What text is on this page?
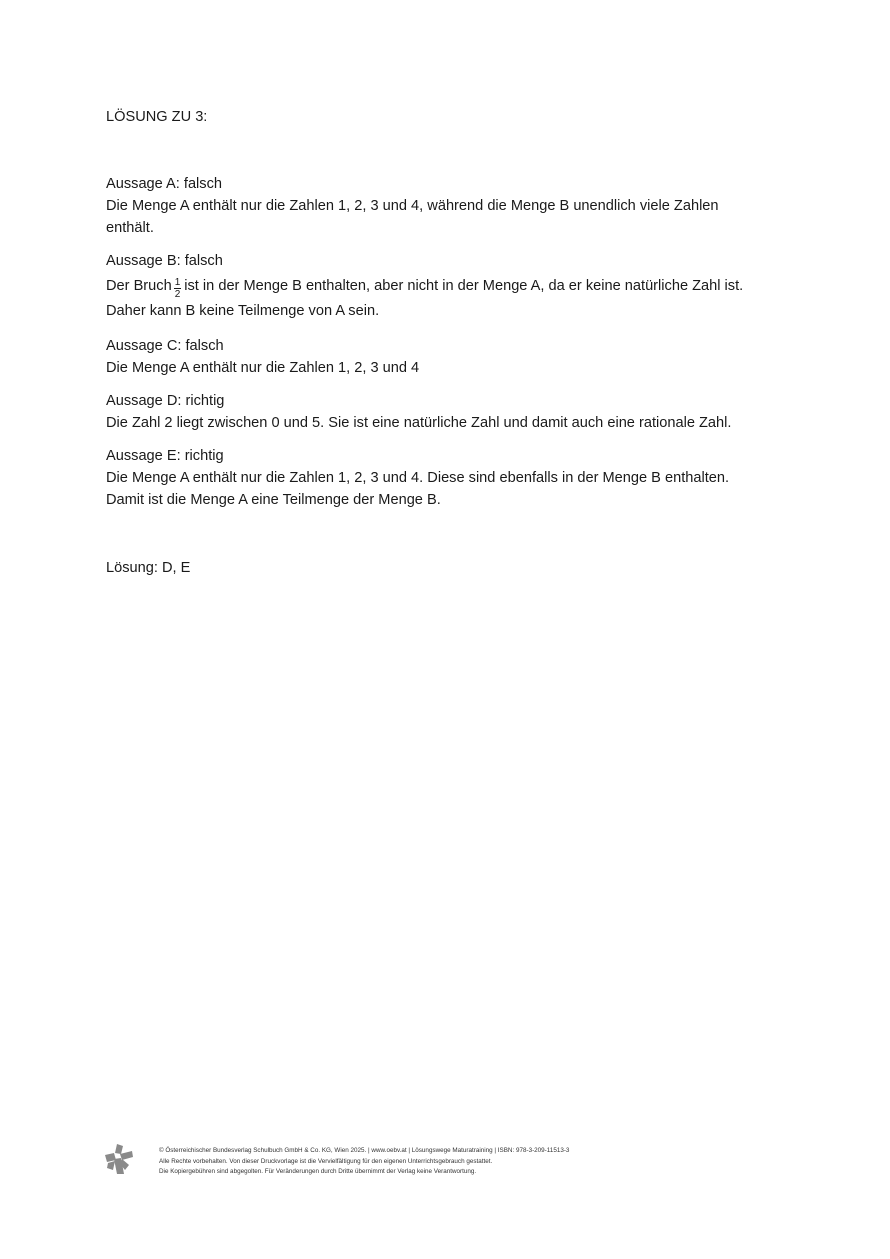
LÖSUNG ZU 3:

Aussage A: falsch

Die Menge A enthält nur die Zahlen 1, 2, 3 und 4, während die Menge B unendlich viele Zahlen

enthält.

Aussage B: falsch

Der Bruch $\frac{1}{2}$ ist in der Menge B enthalten, aber nicht in der Menge A, da er keine natürliche Zahl ist.

Daher kann B keine Teilmenge von A sein.

Aussage C: falsch

Die Menge A enthält nur die Zahlen 1, 2, 3 und 4

Aussage D: richtig

Die Zahl 2 liegt zwischen 0 und 5. Sie ist eine natürliche Zahl und damit auch eine rationale Zahl.

Aussage E: richtig

Die Menge A enthält nur die Zahlen 1, 2, 3 und 4. Diese sind ebenfalls in der Menge B enthalten.

Damit ist die Menge A eine Teilmenge der Menge B.

Lösung: D, E
© Österreichischer Bundesverlag Schulbuch GmbH & Co. KG, Wien 2025. | www.oebv.at | Lösungswege Maturatraining | ISBN: 978-3-209-11513-3
Alle Rechte vorbehalten. Von dieser Druckvorlage ist die Vervielfältigung für den eigenen Unterrichtsgebrauch gestattet.
Die Kopiergebühren sind abgegolten. Für Veränderungen durch Dritte übernimmt der Verlag keine Verantwortung.
